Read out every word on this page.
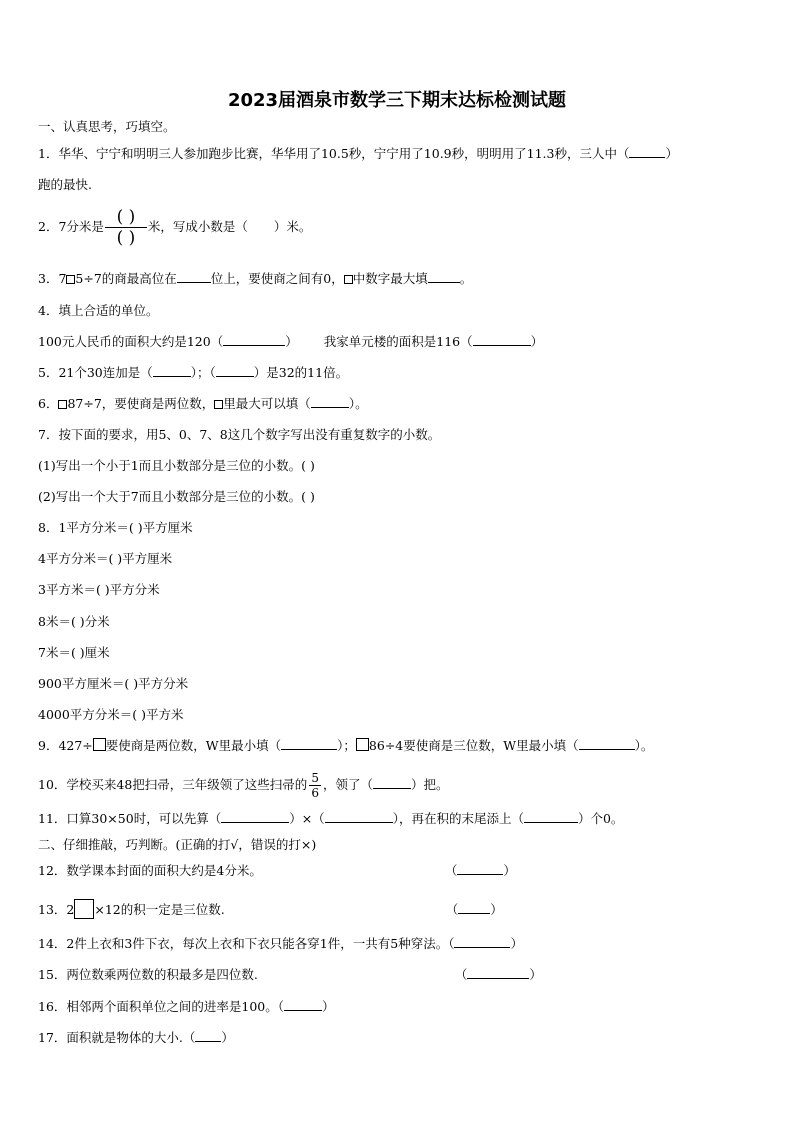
2023届酒泉市数学三下期末达标检测试题
一、认真思考，巧填空。
1．华华、宁宁和明明三人参加跑步比赛，华华用了10.5秒，宁宁用了10.9秒，明明用了11.3秒，三人中（	）
跑的最快.
2．7分米是 ( )
( )
米，写成小数是（ ）米。
3．7 5÷7的商最高位在	位上，要使商之间有0， 中数字最大填	。
4．填上合适的单位。
100元人民币的面积大约是120（	） 我家单元楼的面积是116（	）
5．21个30连加是（	）；（	）是32的11倍。
6． 87÷7，要使商是两位数， 里最大可以填（	）。
7．按下面的要求，用5、0、7、8这几个数字写出没有重复数字的小数。
(1)写出一个小于1而且小数部分是三位的小数。( )
(2)写出一个大于7而且小数部分是三位的小数。( )
8．1平方分米＝( )平方厘米
4平方分米＝( )平方厘米
3平方米＝( )平方分米
8米＝( )分米
7米＝( )厘米
900平方厘米＝( )平方分米
4000平方分米＝( )平方米
9．427÷ 要使商是两位数，W里最小填（	）； 86÷4要使商是三位数，W里最小填（	）。
10．学校买来48把扫帚，三年级领了这些扫帚的 $\frac{5}{6}$ ，领了（	）把。
11．口算30×50时，可以先算（	）×（	），再在积的末尾添上（	）个0。
二、仔细推敲，巧判断。(正确的打√，错误的打×)
12．数学课本封面的面积大约是4分米。	（	）
13．2 ×12的积一定是三位数.	（	）
14．2件上衣和3件下衣，每次上衣和下衣只能各穿1件，一共有5种穿法。（	）
15．两位数乘两位数的积最多是四位数.	（	）
16．相邻两个面积单位之间的进率是100。（	）
17．面积就是物体的大小.（ ）
